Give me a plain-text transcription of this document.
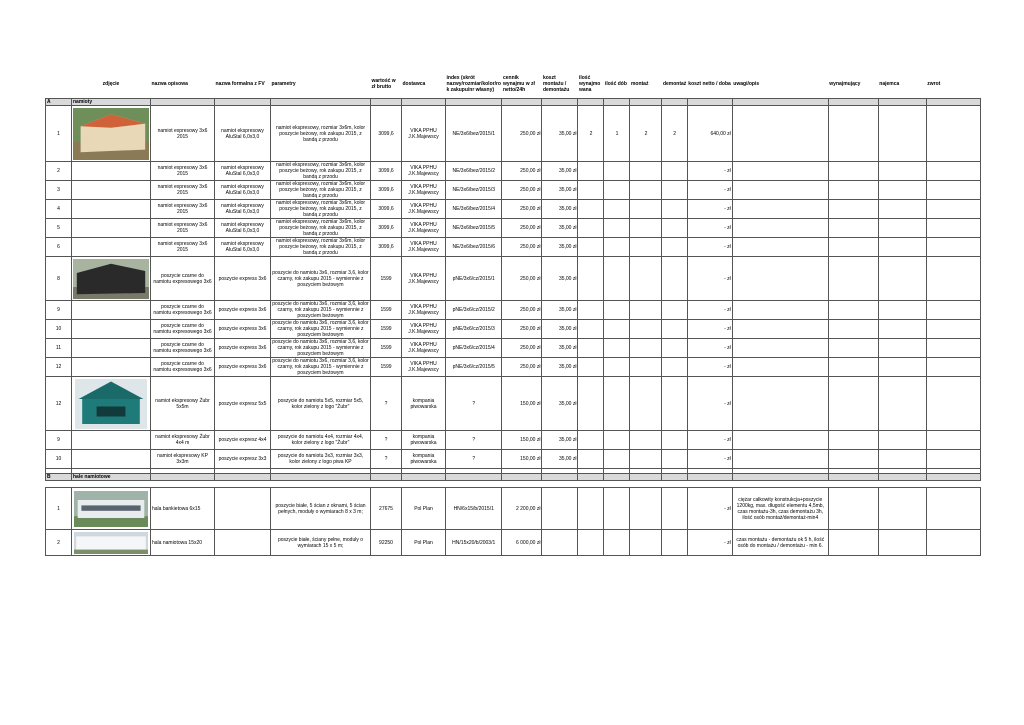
	zdjęcie	nazwa opisowa	nazwa formalna z FV	parametry	wartość w zł brutto	dostawca	index (skrót nazwy/rozmiar/kolor/ro k zakupu/nr własny)	cennik wynajmu w zł netto/24h	koszt montażu / demontażu	ilość wynajmo wana	ilość dób	montaż	demontaż	koszt netto / doba	uwagi/opis	wynajmujący	najemca	zwrot
A	namioty																	
1		namiot expresowy 3x6 2015	namiot ekspresowy AluStal 6,0x3,0	namiot ekspresowy, rozmiar 3x6m, kolor poszycie beżowy, rok zakupu 2015, z bandą z przodu	3099,6	VIKA PPHU J.K.Majewscy	NE/3x6/bez/2015/1	250,00 zł	35,00 zł	2	1	2	2	640,00 zł				
2		namiot expresowy 3x6 2015	namiot ekspresowy AluStal 6,0x3,0	namiot ekspresowy, rozmiar 3x6m, kolor poszycie beżowy, rok zakupu 2015, z bandą z przodu	3099,6	VIKA PPHU J.K.Majewscy	NE/3x6/bez/2015/2	250,00 zł	35,00 zł					- zł				
3		namiot expresowy 3x6 2015	namiot ekspresowy AluStal 6,0x3,0	namiot ekspresowy, rozmiar 3x6m, kolor poszycie beżowy, rok zakupu 2015, z bandą z przodu	3099,6	VIKA PPHU J.K.Majewscy	NE/3x6/bez/2015/3	250,00 zł	35,00 zł					- zł				
4		namiot expresowy 3x6 2015	namiot ekspresowy AluStal 6,0x3,0	namiot ekspresowy, rozmiar 3x6m, kolor poszycie beżowy, rok zakupu 2015, z bandą z przodu	3099,6	VIKA PPHU J.K.Majewscy	NE/3x6/bez/2015/4	250,00 zł	35,00 zł					- zł				
5		namiot expresowy 3x6 2015	namiot ekspresowy AluStal 6,0x3,0	namiot ekspresowy, rozmiar 3x6m, kolor poszycie beżowy, rok zakupu 2015, z bandą z przodu	3099,6	VIKA PPHU J.K.Majewscy	NE/3x6/bez/2015/5	250,00 zł	35,00 zł					- zł				
6		namiot expresowy 3x6 2015	namiot ekspresowy AluStal 6,0x3,0	namiot ekspresowy, rozmiar 3x6m, kolor poszycie beżowy, rok zakupu 2015, z bandą z przodu	3099,6	VIKA PPHU J.K.Majewscy	NE/3x6/bez/2015/6	250,00 zł	35,00 zł					- zł				
8		poszycie czarne do namiotu expresowego 3x6	poszycie express 3x6	poszycie do namiotu 3x6, rozmiar 3,6, kolor czarny, rok zakupu 2015 - wymiennie z poszyciem beżowym	1599	VIKA PPHU J.K.Majewscy	pNE/3x6/cz/2015/1	250,00 zł	35,00 zł					- zł				
9		poszycie czarne do namiotu expresowego 3x6	poszycie express 3x6	poszycie do namiotu 3x6, rozmiar 3,6, kolor czarny, rok zakupu 2015 - wymiennie z poszyciem beżowym	1599	VIKA PPHU J.K.Majewscy	pNE/3x6/cz/2015/2	250,00 zł	35,00 zł					- zł				
10		poszycie czarne do namiotu expresowego 3x6	poszycie express 3x6	poszycie do namiotu 3x6, rozmiar 3,6, kolor czarny, rok zakupu 2015 - wymiennie z poszyciem beżowym	1599	VIKA PPHU J.K.Majewscy	pNE/3x6/cz/2015/3	250,00 zł	35,00 zł					- zł				
11		poszycie czarne do namiotu expresowego 3x6	poszycie express 3x6	poszycie do namiotu 3x6, rozmiar 3,6, kolor czarny, rok zakupu 2015 - wymiennie z poszyciem beżowym	1599	VIKA PPHU J.K.Majewscy	pNE/3x6/cz/2015/4	250,00 zł	35,00 zł					- zł				
12		poszycie czarne do namiotu expresowego 3x6	poszycie express 3x6	poszycie do namiotu 3x6, rozmiar 3,6, kolor czarny, rok zakupu 2015 - wymiennie z poszyciem beżowym	1599	VIKA PPHU J.K.Majewscy	pNE/3x6/cz/2015/5	250,00 zł	35,00 zł					- zł				
12		namiot ekspresowy Żubr 5x5m	poszycie expresz 5x5	poszycie do namiotu 5x5, rozmiar 5x5, kolor zielony z logo "Żubr"	?	kompania piwowarska	?	150,00 zł	35,00 zł					- zł				
9		namiot ekspresowy Żubr 4x4 m	poszycie expresz 4x4	poszycie do namiotu 4x4, rozmiar 4x4, kolor zielony z logo "Żubr"	?	kompania piwowarska	?	150,00 zł	35,00 zł					- zł				
10		namiot ekspresowy KP 3x3m	poszycie expresz 3x3	poszycie do namiotu 3x3, rozmiar 3x3, kolor zielony z logo piwa KP	?	kompania piwowarska	?	150,00 zł	35,00 zł					- zł				

B	hale namiotowe																	

1		hala bankietowa 6x15		poszycie białe, 5 ścian z oknami, 5 ścian pełnych, moduły o wymiarach 8 x 3 m;	27675	Pol Plan	HN/6x15/b/2015/1	2 200,00 zł						- zł	ciężar całkowity konstrukcja+poszycie 1200kg, max. długość elementu 4,5mb, czas montażu-3h, czas demontażu 3h, ilość osób montaż/demontaż-min4			
2		hala namiotowa 15x20		poszycie białe, ściany pełne, moduły o wymiarach 15 x 5 m;	92250	Pol Plan	HN/15x20/b/2003/1	6 000,00 zł						- zł	czas montażu - demontażu ok 5 h, ilość osób do montażu / demontażu - min 6.			
